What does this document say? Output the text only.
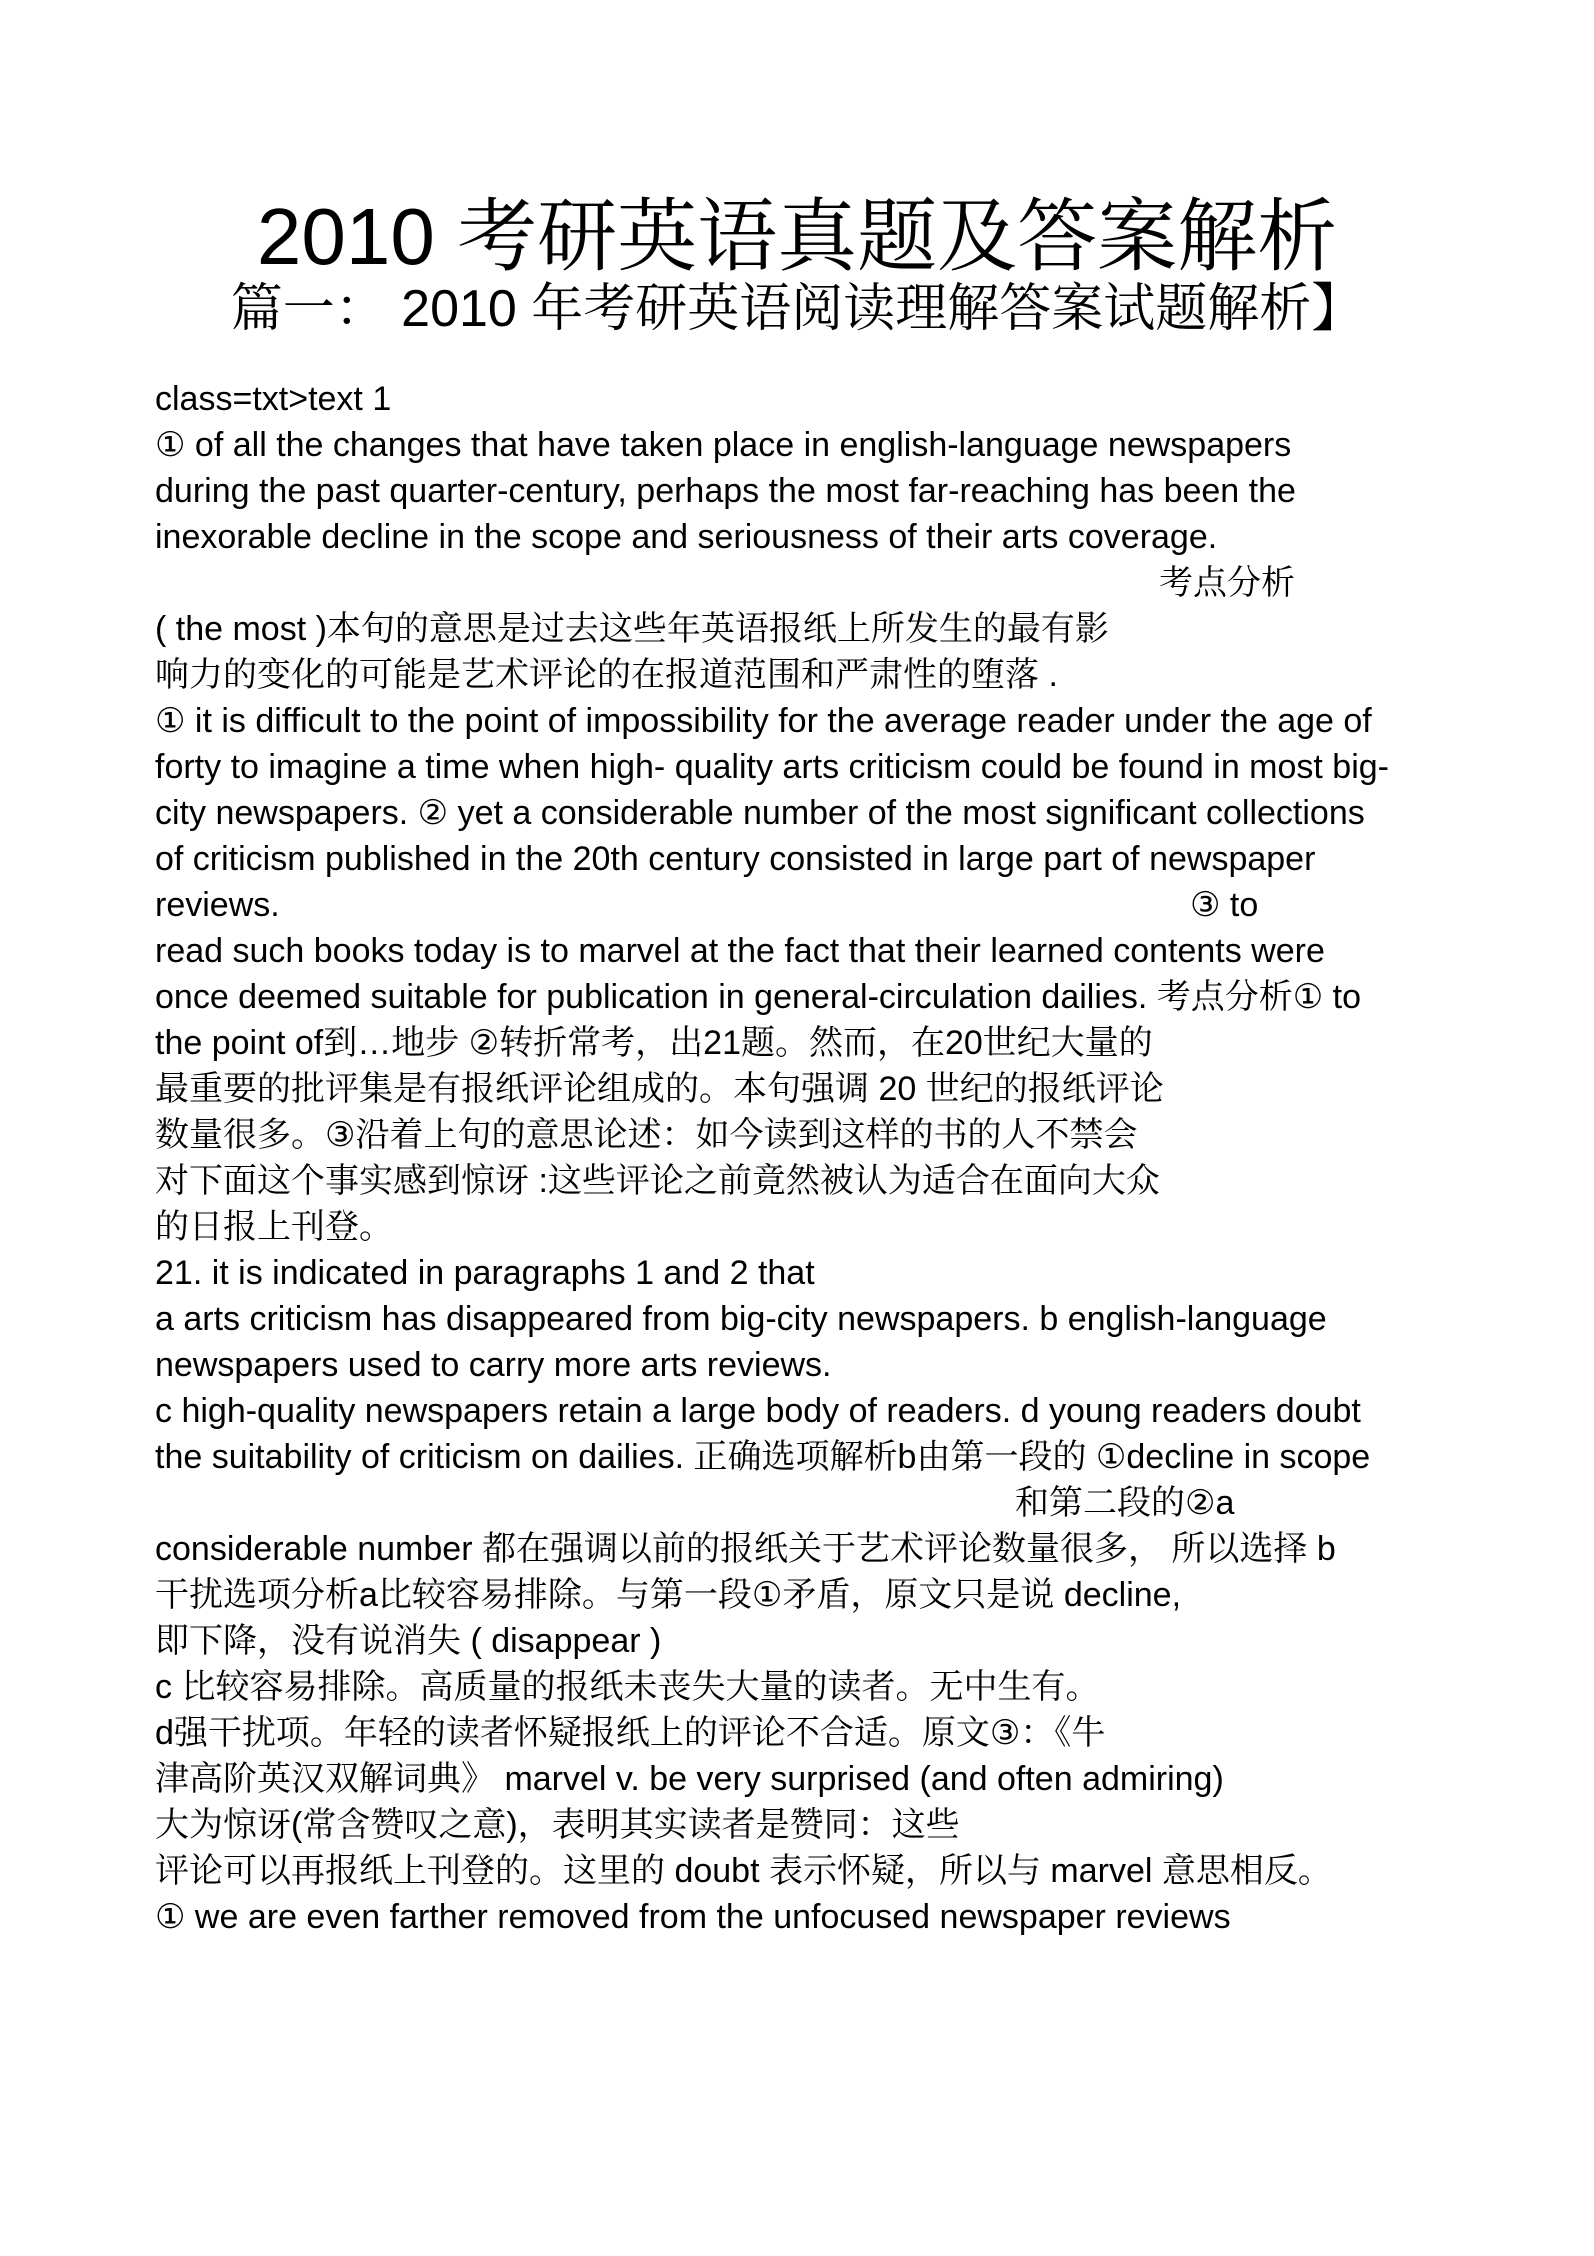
2010 考研英语真题及答案解析
篇一： 2010 年考研英语阅读理解答案试题解析】
class=txt>text 1
① of all the changes that have taken place in english-language newspapers
during the past quarter-century, perhaps the most far-reaching has been the
inexorable decline in the scope and seriousness of their arts coverage.
考点分析
( the most )本句的意思是过去这些年英语报纸上所发生的最有影
响力的变化的可能是艺术评论的在报道范围和严肃性的堕落 .
① it is difficult to the point of impossibility for the average reader under the age of
forty to imagine a time when high- quality arts criticism could be found in most big-
city newspapers. ② yet a considerable number of the most significant collections
of criticism published in the 20th century consisted in large part of newspaper
reviews.	③ to
read such books today is to marvel at the fact that their learned contents were
once deemed suitable for publication in general-circulation dailies. 考点分析① to
the point of到…地步 ②转折常考，出21题。然而，在20世纪大量的
最重要的批评集是有报纸评论组成的。本句强调 20 世纪的报纸评论
数量很多。③沿着上句的意思论述：如今读到这样的书的人不禁会
对下面这个事实感到惊讶 :这些评论之前竟然被认为适合在面向大众
的日报上刊登。
21. it is indicated in paragraphs 1 and 2 that
a arts criticism has disappeared from big-city newspapers. b english-language
newspapers used to carry more arts reviews.
c high-quality newspapers retain a large body of readers. d young readers doubt
the suitability of criticism on dailies. 正确选项解析b由第一段的 ①decline in scope
和第二段的②a
considerable number 都在强调以前的报纸关于艺术评论数量很多， 所以选择 b
干扰选项分析a比较容易排除。与第一段①矛盾，原文只是说 decline,
即下降，没有说消失 ( disappear )
c 比较容易排除。高质量的报纸未丧失大量的读者。无中生有。
d强干扰项。年轻的读者怀疑报纸上的评论不合适。原文③：《牛
津高阶英汉双解词典》 marvel v. be very surprised (and often admiring)
大为惊讶(常含赞叹之意)，表明其实读者是赞同：这些
评论可以再报纸上刊登的。这里的 doubt 表示怀疑，所以与 marvel 意思相反。
① we are even farther removed from the unfocused newspaper reviews
